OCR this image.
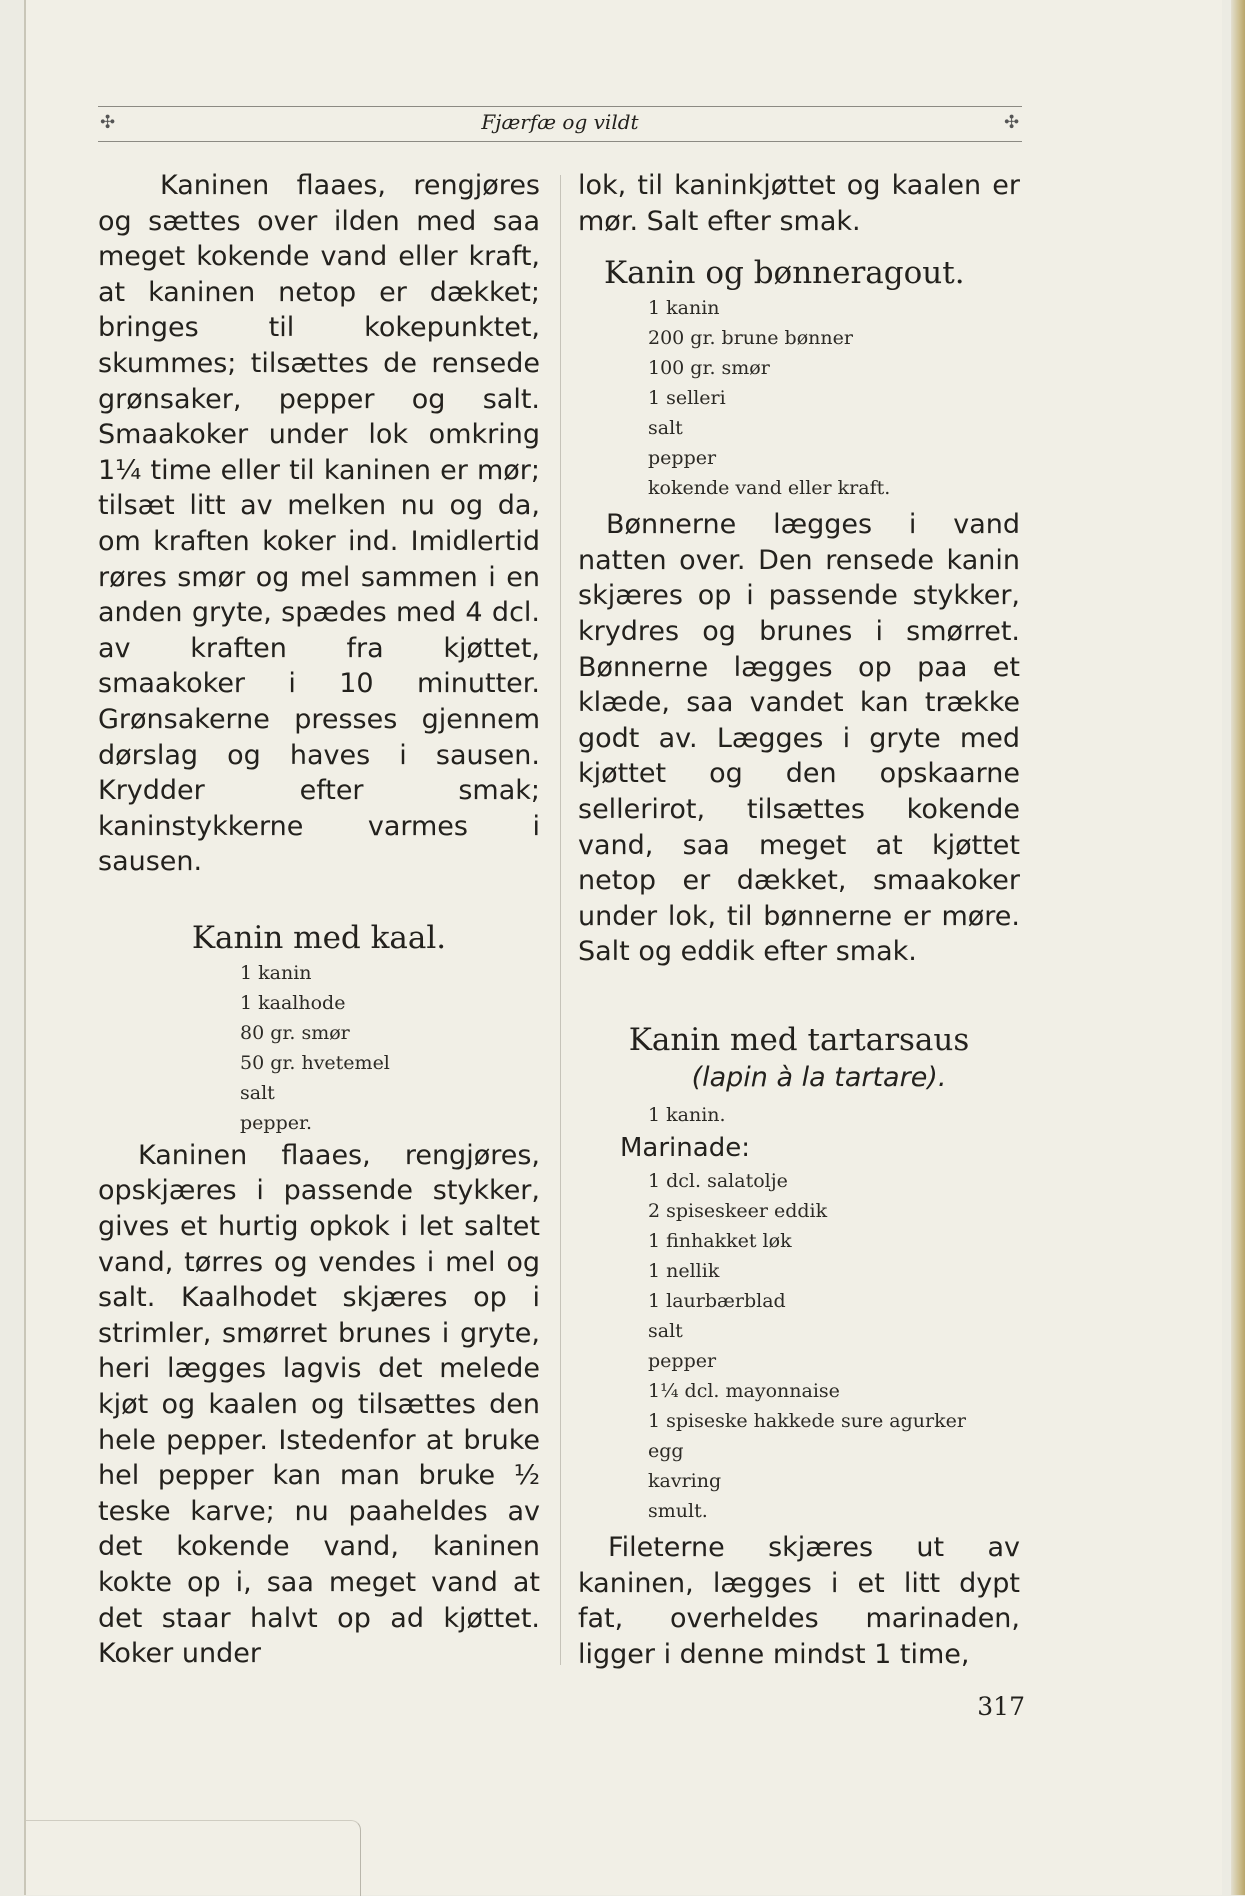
✣	Fjærfæ og vildt	✣

Kaninen flaaes, rengjøres og sættes over ilden med saa meget kokende vand eller kraft, at kaninen netop er dækket; bringes til kokepunktet, skummes; tilsættes de rensede grønsaker, pepper og salt. Smaakoker under lok omkring 1¼ time eller til kaninen er mør; tilsæt litt av melken nu og da, om kraften koker ind. Imidlertid røres smør og mel sammen i en anden gryte, spædes med 4 dcl. av kraften fra kjøttet, smaakoker i 10 minutter. Grønsakerne presses gjennem dørslag og haves i sausen. Krydder efter smak; kaninstykkerne varmes i sausen.

Kanin med kaal.
1 kanin
1 kaalhode
80 gr. smør
50 gr. hvetemel
salt
pepper.

Kaninen flaaes, rengjøres, opskjæres i passende stykker, gives et hurtig opkok i let saltet vand, tørres og vendes i mel og salt. Kaalhodet skjæres op i strimler, smørret brunes i gryte, heri lægges lagvis det melede kjøt og kaalen og tilsættes den hele pepper. Istedenfor at bruke hel pepper kan man bruke ½ teske karve; nu paaheldes av det kokende vand, kaninen kokte op i, saa meget vand at det staar halvt op ad kjøttet. Koker under

lok, til kaninkjøttet og kaalen er mør. Salt efter smak.

Kanin og bønneragout.
1 kanin
200 gr. brune bønner
100 gr. smør
1 selleri
salt
pepper
kokende vand eller kraft.

Bønnerne lægges i vand natten over. Den rensede kanin skjæres op i passende stykker, krydres og brunes i smørret. Bønnerne lægges op paa et klæde, saa vandet kan trække godt av. Lægges i gryte med kjøttet og den opskaarne sellerirot, tilsættes kokende vand, saa meget at kjøttet netop er dækket, smaakoker under lok, til bønnerne er møre. Salt og eddik efter smak.

Kanin med tartarsaus
(lapin à la tartare).
1 kanin.
Marinade:
1 dcl. salatolje
2 spiseskeer eddik
1 finhakket løk
1 nellik
1 laurbærblad
salt
pepper
1¼ dcl. mayonnaise
1 spiseske hakkede sure agurker
egg
kavring
smult.

Fileterne skjæres ut av kaninen, lægges i et litt dypt fat, overheldes marinaden, ligger i denne mindst 1 time,

317
